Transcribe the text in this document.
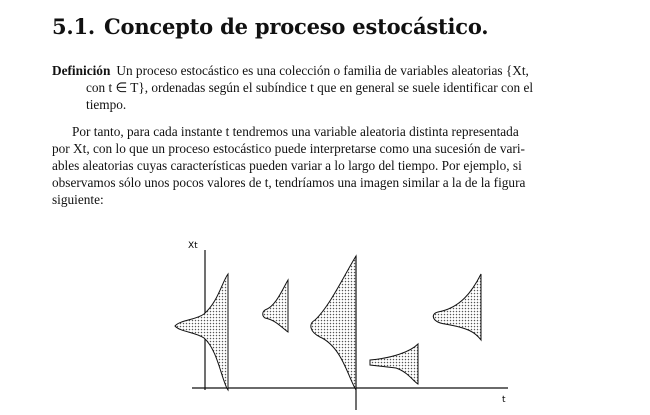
5.1. Concepto de proceso estocástico.
Definición Un proceso estocástico es una colección o familia de variables aleatorias {Xt,
con t ∈ T}, ordenadas según el subíndice t que en general se suele identificar con el
tiempo.
Por tanto, para cada instante t tendremos una variable aleatoria distinta representada
por Xt, con lo que un proceso estocástico puede interpretarse como una sucesión de vari-
ables aleatorias cuyas características pueden variar a lo largo del tiempo. Por ejemplo, si
observamos sólo unos pocos valores de t, tendríamos una imagen similar a la de la figura
siguiente:
Xt
t
